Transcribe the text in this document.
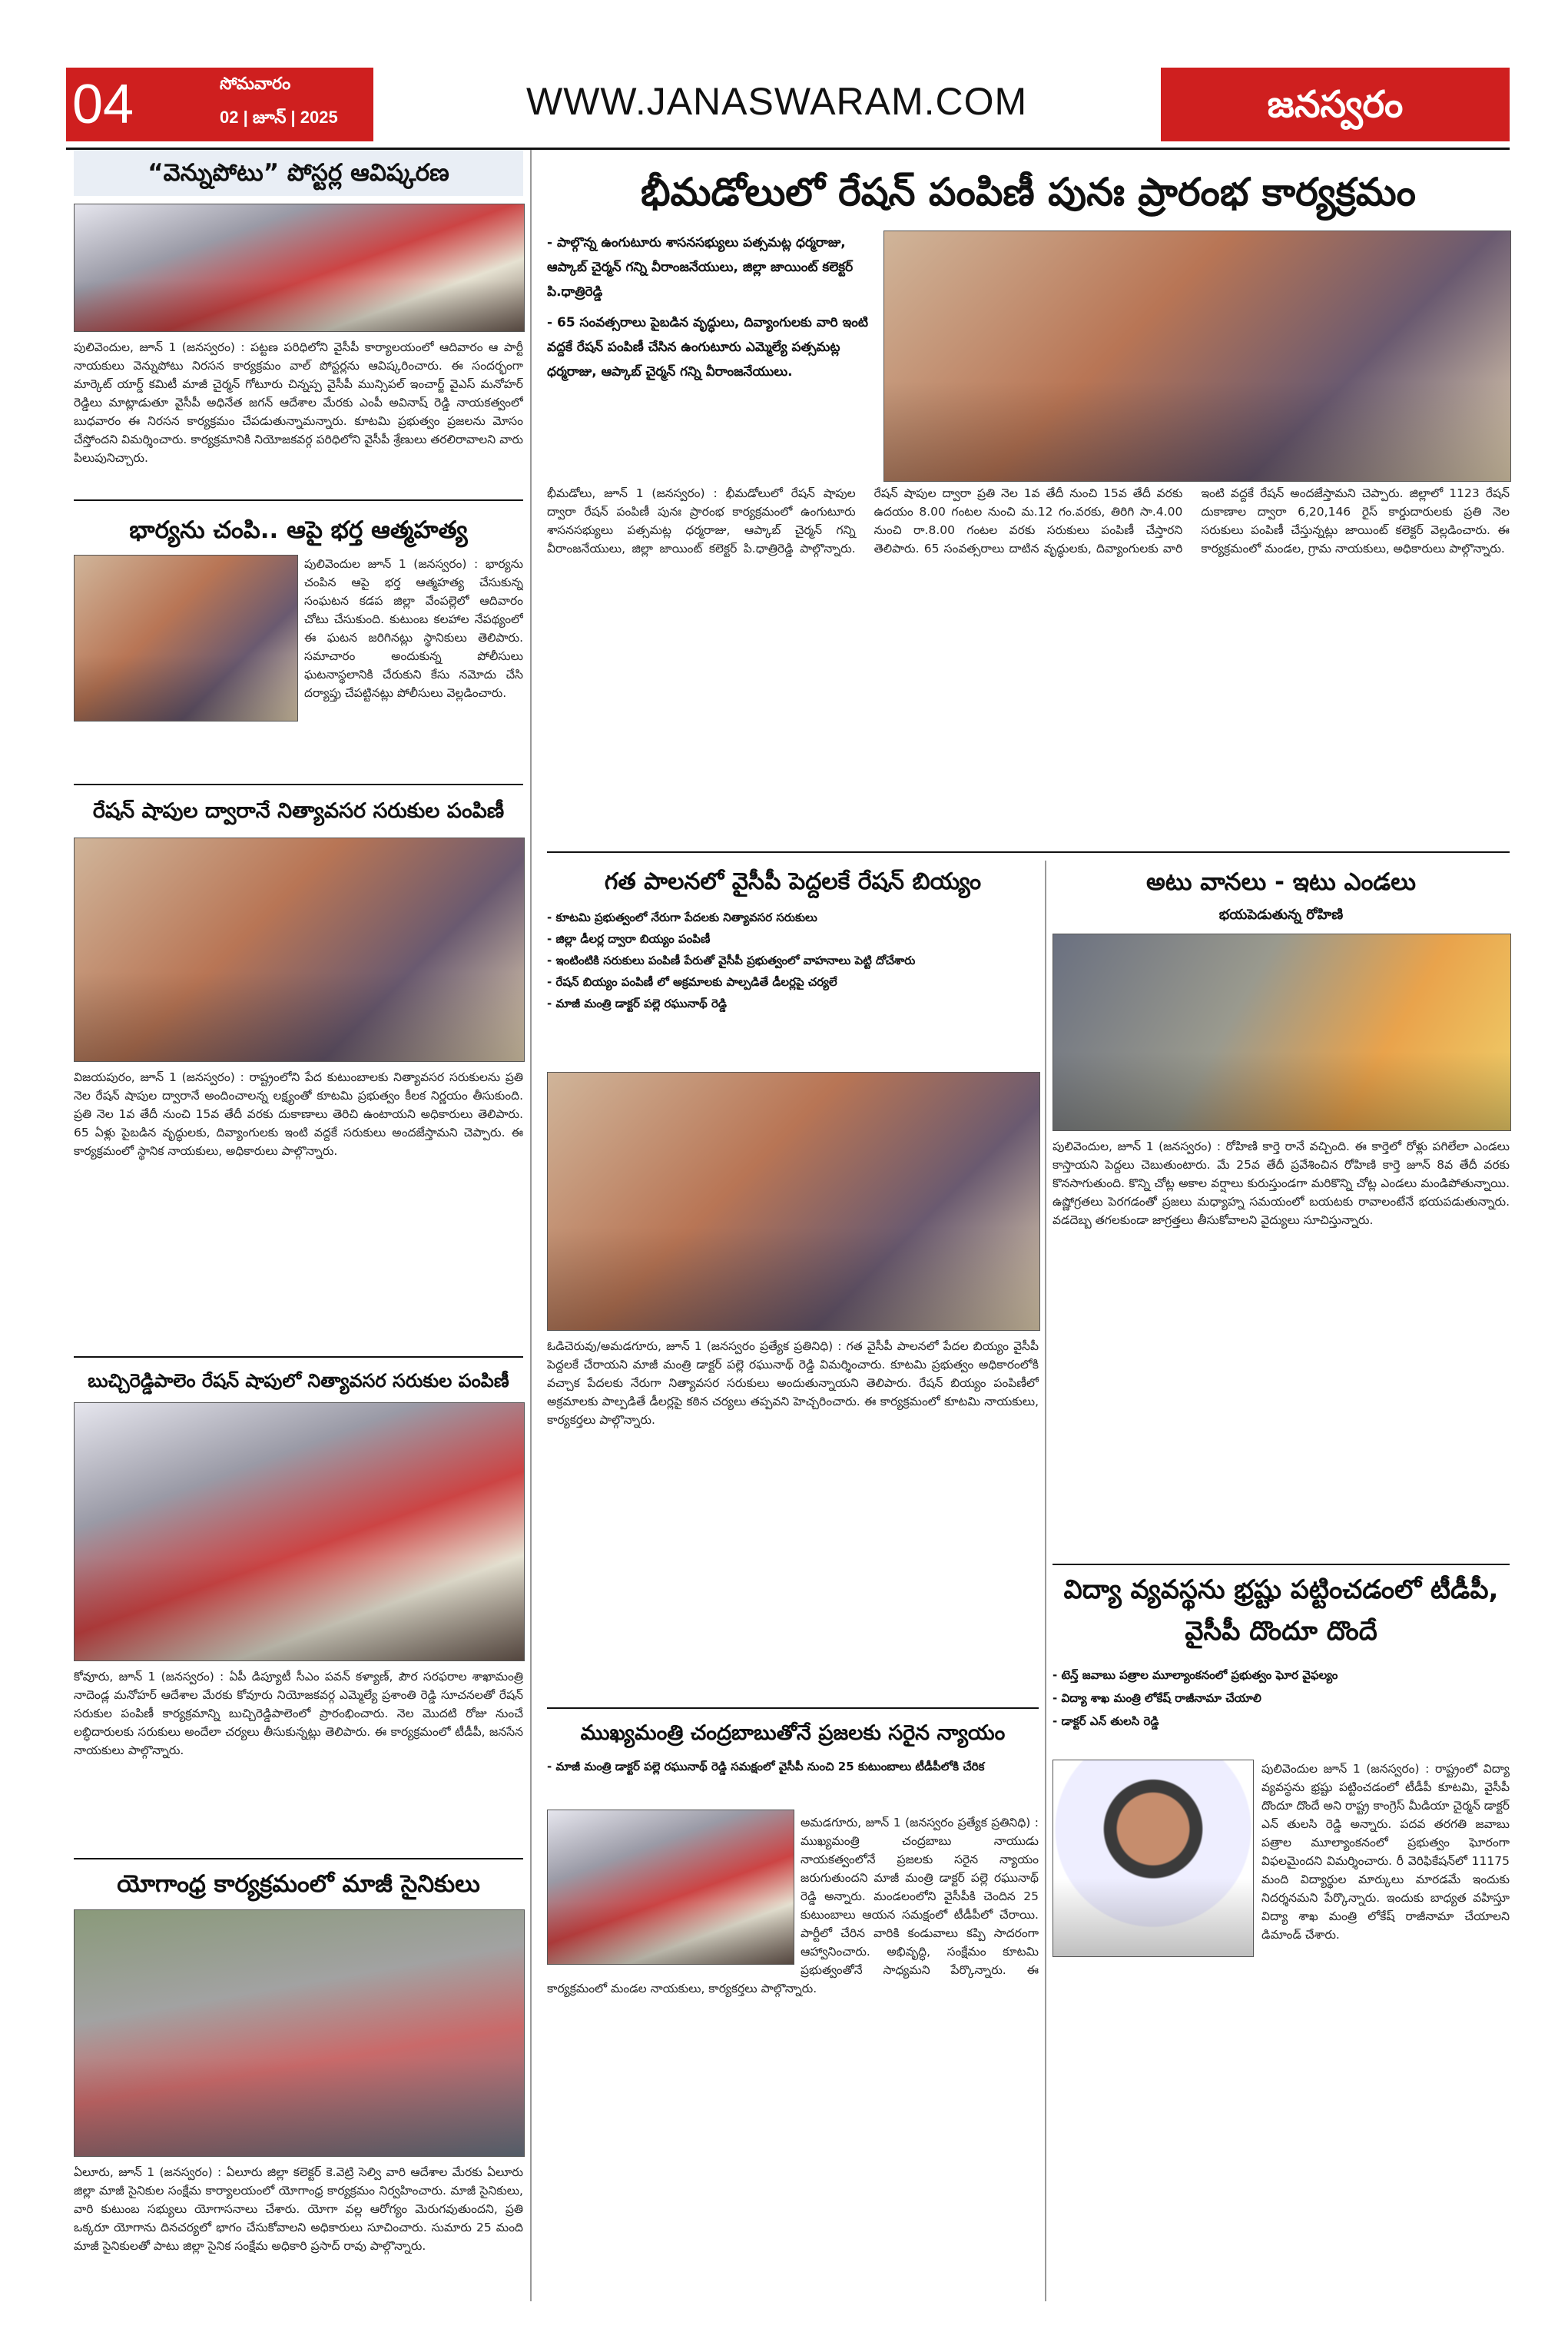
04	సోమవారం
02 | జూన్ | 2025	WWW.JANASWARAM.COM	జనస్వరం
“వెన్నుపోటు” పోస్టర్ల ఆవిష్కరణ
పులివెందుల, జూన్ 1 (జనస్వరం) : పట్టణ పరిధిలోని వైసీపీ కార్యాలయంలో ఆదివారం ఆ పార్టీ నాయకులు వెన్నుపోటు నిరసన కార్యక్రమం వాల్ పోస్టర్లను ఆవిష్కరించారు. ఈ సందర్భంగా మార్కెట్ యార్డ్ కమిటీ మాజీ చైర్మన్ గోటూరు చిన్నప్ప వైసీపీ మున్సిపల్ ఇంచార్జ్ వైఎస్ మనోహర్ రెడ్డిలు మాట్లాడుతూ వైసీపీ అధినేత జగన్ ఆదేశాల మేరకు ఎంపీ అవినాష్ రెడ్డి నాయకత్వంలో బుధవారం ఈ నిరసన కార్యక్రమం చేపడుతున్నామన్నారు. కూటమి ప్రభుత్వం ప్రజలను మోసం చేస్తోందని విమర్శించారు. కార్యక్రమానికి నియోజకవర్గ పరిధిలోని వైసీపీ శ్రేణులు తరలిరావాలని వారు పిలుపునిచ్చారు.
భార్యను చంపి.. ఆపై భర్త ఆత్మహత్య
పులివెందుల జూన్ 1 (జనస్వరం) : భార్యను చంపిన ఆపై భర్త ఆత్మహత్య చేసుకున్న సంఘటన కడప జిల్లా వేంపల్లెలో ఆదివారం చోటు చేసుకుంది. కుటుంబ కలహాల నేపథ్యంలో ఈ ఘటన జరిగినట్లు స్థానికులు తెలిపారు. సమాచారం అందుకున్న పోలీసులు ఘటనాస్థలానికి చేరుకుని కేసు నమోదు చేసి దర్యాప్తు చేపట్టినట్లు పోలీసులు వెల్లడించారు.
రేషన్ షాపుల ద్వారానే నిత్యావసర సరుకుల పంపిణీ
విజయపురం, జూన్ 1 (జనస్వరం) : రాష్ట్రంలోని పేద కుటుంబాలకు నిత్యావసర సరుకులను ప్రతి నెల రేషన్ షాపుల ద్వారానే అందించాలన్న లక్ష్యంతో కూటమి ప్రభుత్వం కీలక నిర్ణయం తీసుకుంది. ప్రతి నెల 1వ తేదీ నుంచి 15వ తేదీ వరకు దుకాణాలు తెరిచి ఉంటాయని అధికారులు తెలిపారు. 65 ఏళ్లు పైబడిన వృద్ధులకు, దివ్యాంగులకు ఇంటి వద్దకే సరుకులు అందజేస్తామని చెప్పారు. ఈ కార్యక్రమంలో స్థానిక నాయకులు, అధికారులు పాల్గొన్నారు.
బుచ్చిరెడ్డిపాలెం రేషన్ షాపులో నిత్యావసర సరుకుల పంపిణీ
కోవూరు, జూన్ 1 (జనస్వరం) : ఏపీ డిప్యూటీ సీఎం పవన్ కళ్యాణ్, పౌర సరఫరాల శాఖామంత్రి నాదెండ్ల మనోహర్ ఆదేశాల మేరకు కోవూరు నియోజకవర్గ ఎమ్మెల్యే ప్రశాంతి రెడ్డి సూచనలతో రేషన్ సరుకుల పంపిణీ కార్యక్రమాన్ని బుచ్చిరెడ్డిపాలెంలో ప్రారంభించారు. నెల మొదటి రోజు నుంచే లబ్ధిదారులకు సరుకులు అందేలా చర్యలు తీసుకున్నట్లు తెలిపారు. ఈ కార్యక్రమంలో టీడీపీ, జనసేన నాయకులు పాల్గొన్నారు.
యోగాంధ్ర కార్యక్రమంలో మాజీ సైనికులు
ఏలూరు, జూన్ 1 (జనస్వరం) : ఏలూరు జిల్లా కలెక్టర్ కె.వెట్రి సెల్వి వారి ఆదేశాల మేరకు ఏలూరు జిల్లా మాజీ సైనికుల సంక్షేమ కార్యాలయంలో యోగాంధ్ర కార్యక్రమం నిర్వహించారు. మాజీ సైనికులు, వారి కుటుంబ సభ్యులు యోగాసనాలు చేశారు. యోగా వల్ల ఆరోగ్యం మెరుగవుతుందని, ప్రతి ఒక్కరూ యోగాను దినచర్యలో భాగం చేసుకోవాలని అధికారులు సూచించారు. సుమారు 25 మంది మాజీ సైనికులతో పాటు జిల్లా సైనిక సంక్షేమ అధికారి ప్రసాద్ రావు పాల్గొన్నారు.
భీమడోలులో రేషన్ పంపిణీ పునః ప్రారంభ కార్యక్రమం
- పాల్గొన్న ఉంగుటూరు శాసనసభ్యులు పత్సమట్ల ధర్మరాజు, ఆప్కాబ్ చైర్మన్ గన్ని వీరాంజనేయులు, జిల్లా జాయింట్ కలెక్టర్ పి.ధాత్రిరెడ్డి
- 65 సంవత్సరాలు పైబడిన వృద్ధులు, దివ్యాంగులకు వారి ఇంటి వద్దకే రేషన్ పంపిణీ చేసిన ఉంగుటూరు ఎమ్మెల్యే పత్సమట్ల ధర్మరాజు, ఆప్కాబ్ చైర్మన్ గన్ని వీరాంజనేయులు.
భీమడోలు, జూన్ 1 (జనస్వరం) : భీమడోలులో రేషన్ షాపుల ద్వారా రేషన్ పంపిణీ పునః ప్రారంభ కార్యక్రమంలో ఉంగుటూరు శాసనసభ్యులు పత్సమట్ల ధర్మరాజు, ఆప్కాబ్ చైర్మన్ గన్ని వీరాంజనేయులు, జిల్లా జాయింట్ కలెక్టర్ పి.ధాత్రిరెడ్డి పాల్గొన్నారు. రేషన్ షాపుల ద్వారా ప్రతి నెల 1వ తేదీ నుంచి 15వ తేదీ వరకు ఉదయం 8.00 గంటల నుంచి మ.12 గం.వరకు, తిరిగి సా.4.00 నుంచి రా.8.00 గంటల వరకు సరుకులు పంపిణీ చేస్తారని తెలిపారు. 65 సంవత్సరాలు దాటిన వృద్ధులకు, దివ్యాంగులకు వారి ఇంటి వద్దకే రేషన్ అందజేస్తామని చెప్పారు. జిల్లాలో 1123 రేషన్ దుకాణాల ద్వారా 6,20,146 రైస్ కార్డుదారులకు ప్రతి నెల సరుకులు పంపిణీ చేస్తున్నట్లు జాయింట్ కలెక్టర్ వెల్లడించారు. ఈ కార్యక్రమంలో మండల, గ్రామ నాయకులు, అధికారులు పాల్గొన్నారు.
గత పాలనలో వైసీపీ పెద్దలకే రేషన్ బియ్యం
- కూటమి ప్రభుత్వంలో నేరుగా పేదలకు నిత్యావసర సరుకులు
- జిల్లా డీలర్ల ద్వారా బియ్యం పంపిణీ
- ఇంటింటికి సరుకులు పంపిణీ పేరుతో వైసీపీ ప్రభుత్వంలో వాహనాలు పెట్టి దోచేశారు
- రేషన్ బియ్యం పంపిణీ లో అక్రమాలకు పాల్పడితే డీలర్లపై చర్యలే
- మాజీ మంత్రి డాక్టర్ పల్లె రఘునాథ్ రెడ్డి
ఓడిచెరువు/అమడగూరు, జూన్ 1 (జనస్వరం ప్రత్యేక ప్రతినిధి) : గత వైసీపీ పాలనలో పేదల బియ్యం వైసీపీ పెద్దలకే చేరాయని మాజీ మంత్రి డాక్టర్ పల్లె రఘునాథ్ రెడ్డి విమర్శించారు. కూటమి ప్రభుత్వం అధికారంలోకి వచ్చాక పేదలకు నేరుగా నిత్యావసర సరుకులు అందుతున్నాయని తెలిపారు. రేషన్ బియ్యం పంపిణీలో అక్రమాలకు పాల్పడితే డీలర్లపై కఠిన చర్యలు తప్పవని హెచ్చరించారు. ఈ కార్యక్రమంలో కూటమి నాయకులు, కార్యకర్తలు పాల్గొన్నారు.
ముఖ్యమంత్రి చంద్రబాబుతోనే ప్రజలకు సరైన న్యాయం
- మాజీ మంత్రి డాక్టర్ పల్లె రఘునాథ్ రెడ్డి సమక్షంలో వైసీపీ నుంచి 25 కుటుంబాలు టీడీపీలోకి చేరిక
అమడగూరు, జూన్ 1 (జనస్వరం ప్రత్యేక ప్రతినిధి) : ముఖ్యమంత్రి చంద్రబాబు నాయుడు నాయకత్వంలోనే ప్రజలకు సరైన న్యాయం జరుగుతుందని మాజీ మంత్రి డాక్టర్ పల్లె రఘునాథ్ రెడ్డి అన్నారు. మండలంలోని వైసీపీకి చెందిన 25 కుటుంబాలు ఆయన సమక్షంలో టీడీపీలో చేరాయి. పార్టీలో చేరిన వారికి కండువాలు కప్పి సాదరంగా ఆహ్వానించారు. అభివృద్ధి, సంక్షేమం కూటమి ప్రభుత్వంతోనే సాధ్యమని పేర్కొన్నారు. ఈ కార్యక్రమంలో మండల నాయకులు, కార్యకర్తలు పాల్గొన్నారు.
అటు వానలు - ఇటు ఎండలు
భయపెడుతున్న రోహిణి
పులివెందుల, జూన్ 1 (జనస్వరం) : రోహిణి కార్తె రానే వచ్చింది. ఈ కార్తెలో రోళ్లు పగిలేలా ఎండలు కాస్తాయని పెద్దలు చెబుతుంటారు. మే 25వ తేదీ ప్రవేశించిన రోహిణి కార్తె జూన్ 8వ తేదీ వరకు కొనసాగుతుంది. కొన్ని చోట్ల అకాల వర్షాలు కురుస్తుండగా మరికొన్ని చోట్ల ఎండలు మండిపోతున్నాయి. ఉష్ణోగ్రతలు పెరగడంతో ప్రజలు మధ్యాహ్న సమయంలో బయటకు రావాలంటేనే భయపడుతున్నారు. వడదెబ్బ తగలకుండా జాగ్రత్తలు తీసుకోవాలని వైద్యులు సూచిస్తున్నారు.
విద్యా వ్యవస్థను భ్రష్టు పట్టించడంలో టీడీపీ, వైసీపీ దొందూ దొందే
- టెన్త్ జవాబు పత్రాల మూల్యాంకనంలో ప్రభుత్వం ఘోర వైఫల్యం
- విద్యా శాఖ మంత్రి లోకేష్ రాజీనామా చేయాలి
- డాక్టర్ ఎన్ తులసి రెడ్డి
పులివెందుల జూన్ 1 (జనస్వరం) : రాష్ట్రంలో విద్యా వ్యవస్థను భ్రష్టు పట్టించడంలో టీడీపీ కూటమి, వైసీపీ దొందూ దొందే అని రాష్ట్ర కాంగ్రెస్ మీడియా చైర్మన్ డాక్టర్ ఎన్ తులసి రెడ్డి అన్నారు. పదవ తరగతి జవాబు పత్రాల మూల్యాంకనంలో ప్రభుత్వం ఘోరంగా విఫలమైందని విమర్శించారు. రీ వెరిఫికేషన్‌లో 11175 మంది విద్యార్థుల మార్కులు మారడమే ఇందుకు నిదర్శనమని పేర్కొన్నారు. ఇందుకు బాధ్యత వహిస్తూ విద్యా శాఖ మంత్రి లోకేష్ రాజీనామా చేయాలని డిమాండ్ చేశారు.
